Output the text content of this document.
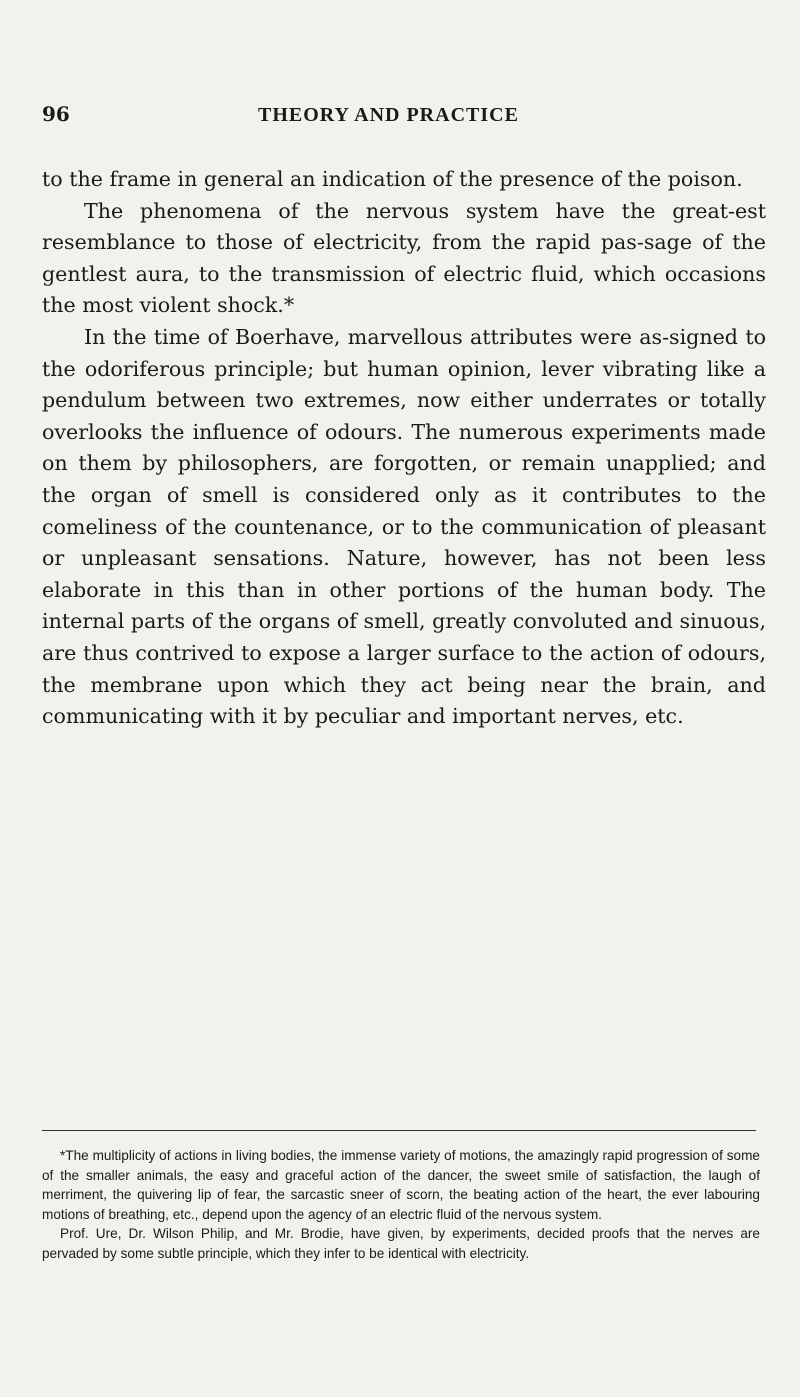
96	THEORY AND PRACTICE

to the frame in general an indication of the presence of the poison.

The phenomena of the nervous system have the great-est resemblance to those of electricity, from the rapid pas-sage of the gentlest aura, to the transmission of electric fluid, which occasions the most violent shock.*

In the time of Boerhave, marvellous attributes were as-signed to the odoriferous principle; but human opinion, lever vibrating like a pendulum between two extremes, now either underrates or totally overlooks the influence of odours. The numerous experiments made on them by philosophers, are forgotten, or remain unapplied; and the organ of smell is considered only as it contributes to the comeliness of the countenance, or to the communication of pleasant or unpleasant sensations. Nature, however, has not been less elaborate in this than in other portions of the human body. The internal parts of the organs of smell, greatly convoluted and sinuous, are thus contrived to expose a larger surface to the action of odours, the membrane upon which they act being near the brain, and communicating with it by peculiar and important nerves, etc.

*The multiplicity of actions in living bodies, the immense variety of motions, the amazingly rapid progression of some of the smaller animals, the easy and graceful action of the dancer, the sweet smile of satisfaction, the laugh of merriment, the quivering lip of fear, the sarcastic sneer of scorn, the beating action of the heart, the ever labouring motions of breathing, etc., depend upon the agency of an electric fluid of the nervous system.

Prof. Ure, Dr. Wilson Philip, and Mr. Brodie, have given, by experiments, decided proofs that the nerves are pervaded by some subtle principle, which they infer to be identical with electricity.
